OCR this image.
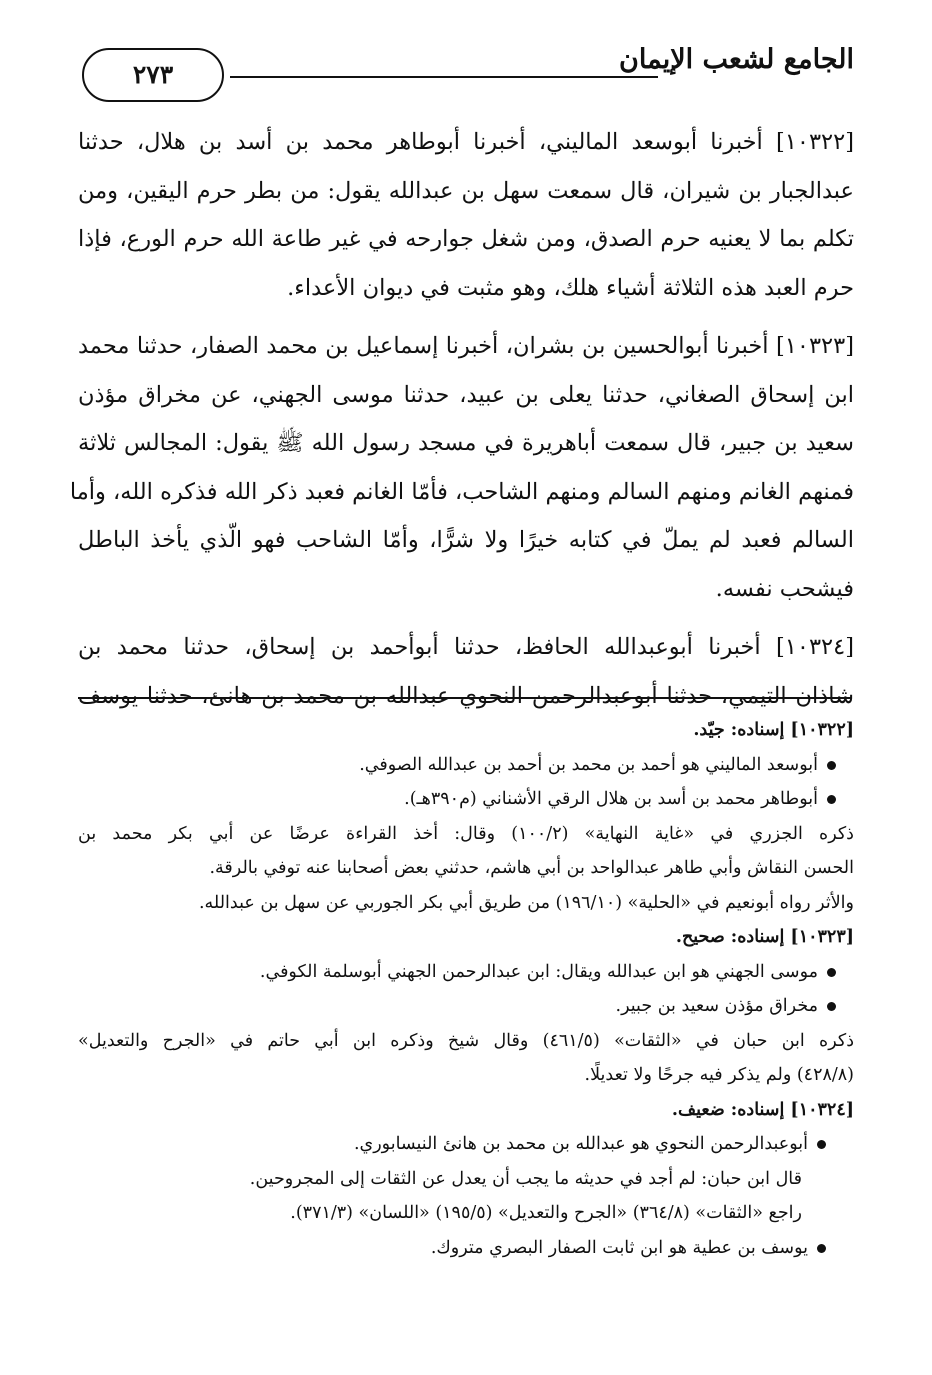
الجامع لشعب الإيمان
٢٧٣
[١٠٣٢٢] أخبرنا أبوسعد الماليني، أخبرنا أبوطاهر محمد بن أسد بن هلال، حدثنا
عبدالجبار بن شيران، قال سمعت سهل بن عبدالله يقول: من بطر حرم اليقين، ومن
تكلم بما لا يعنيه حرم الصدق، ومن شغل جوارحه في غير طاعة الله حرم الورع، فإذا
حرم العبد هذه الثلاثة أشياء هلك، وهو مثبت في ديوان الأعداء.
[١٠٣٢٣] أخبرنا أبوالحسين بن بشران، أخبرنا إسماعيل بن محمد الصفار، حدثنا محمد
ابن إسحاق الصغاني، حدثنا يعلى بن عبيد، حدثنا موسى الجهني، عن مخراق مؤذن
سعيد بن جبير، قال سمعت أباهريرة في مسجد رسول الله ﷺ يقول: المجالس ثلاثة
فمنهم الغانم ومنهم السالم ومنهم الشاحب، فأمّا الغانم فعبد ذكر الله فذكره الله، وأما
السالم فعبد لم يملّ في كتابه خيرًا ولا شرًّا، وأمّا الشاحب فهو الّذي يأخذ الباطل
فيشحب نفسه.
[١٠٣٢٤] أخبرنا أبوعبدالله الحافظ، حدثنا أبوأحمد بن إسحاق، حدثنا محمد بن
شاذان التيمي، حدثنا أبوعبدالرحمن النحوي عبدالله بن محمد بن هانئ، حدثنا يوسف
[١٠٣٢٢] إسناده: جيّد.
أبوسعد الماليني هو أحمد بن محمد بن أحمد بن عبدالله الصوفي.
أبوطاهر محمد بن أسد بن هلال الرقي الأشناني (م٣٩٠هـ).
ذكره الجزري في «غاية النهاية» (١٠٠/٢) وقال: أخذ القراءة عرضًا عن أبي بكر محمد بن
الحسن النقاش وأبي طاهر عبدالواحد بن أبي هاشم، حدثني بعض أصحابنا عنه توفي بالرقة.
والأثر رواه أبونعيم في «الحلية» (١٩٦/١٠) من طريق أبي بكر الجوربي عن سهل بن عبدالله.
[١٠٣٢٣] إسناده: صحيح.
موسى الجهني هو ابن عبدالله ويقال: ابن عبدالرحمن الجهني أبوسلمة الكوفي.
مخراق مؤذن سعيد بن جبير.
ذكره ابن حبان في «الثقات» (٤٦١/٥) وقال شيخ وذكره ابن أبي حاتم في «الجرح والتعديل»
(٤٢٨/٨) ولم يذكر فيه جرحًا ولا تعديلًا.
[١٠٣٢٤] إسناده: ضعيف.
أبوعبدالرحمن النحوي هو عبدالله بن محمد بن هانئ النيسابوري.
قال ابن حبان: لم أجد في حديثه ما يجب أن يعدل عن الثقات إلى المجروحين.
راجع «الثقات» (٣٦٤/٨) «الجرح والتعديل» (١٩٥/٥) «اللسان» (٣٧١/٣).
يوسف بن عطية هو ابن ثابت الصفار البصري متروك.
